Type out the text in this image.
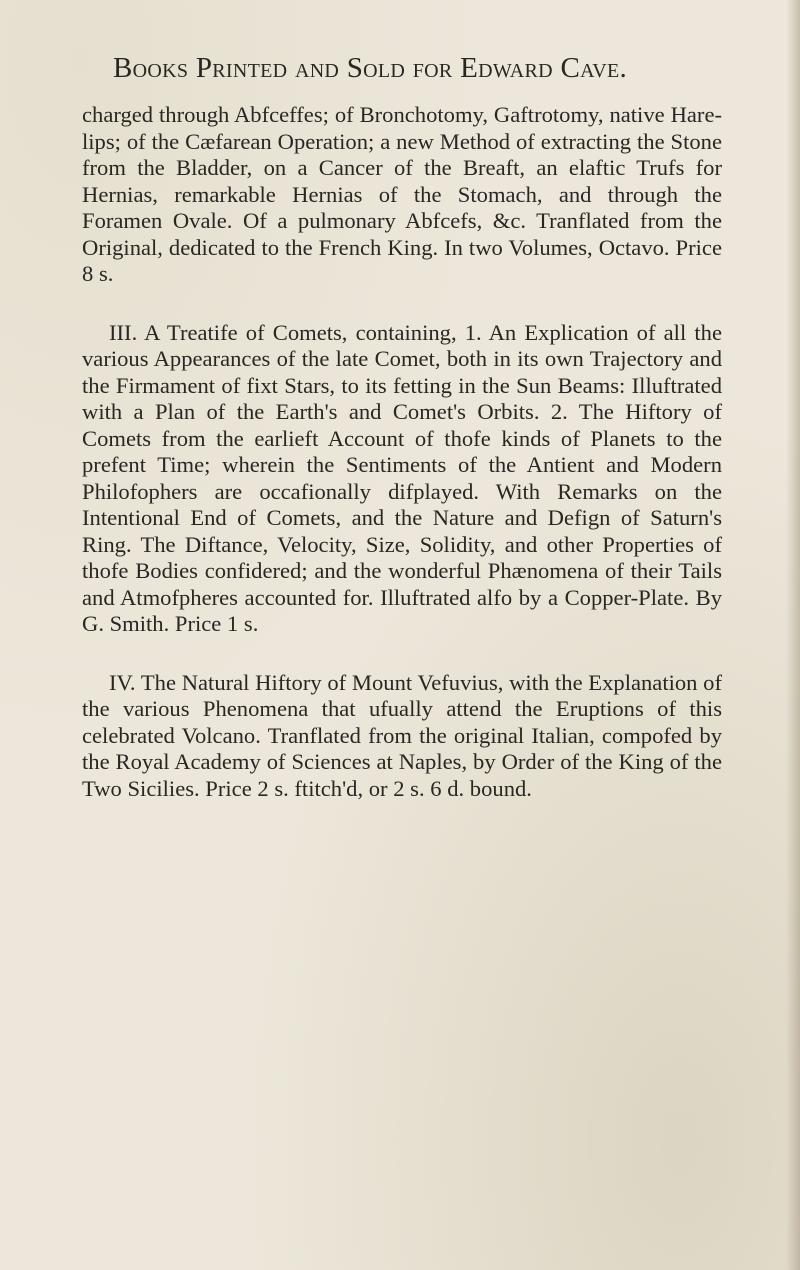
Books Printed and Sold for Edward Cave.

charged through Abfceffes; of Bronchotomy, Gaftrotomy, native Hare-lips; of the Cæfarean Operation; a new Method of extracting the Stone from the Bladder, on a Cancer of the Breaft, an elaftic Trufs for Hernias, remarkable Hernias of the Stomach, and through the Foramen Ovale. Of a pulmonary Abfcefs, &c. Tranflated from the Original, dedicated to the French King. In two Volumes, Octavo. Price 8 s.

III. A Treatife of Comets, containing, 1. An Explication of all the various Appearances of the late Comet, both in its own Trajectory and the Firmament of fixt Stars, to its fetting in the Sun Beams: Illuftrated with a Plan of the Earth's and Comet's Orbits. 2. The Hiftory of Comets from the earlieft Account of thofe kinds of Planets to the prefent Time; wherein the Sentiments of the Antient and Modern Philofophers are occafionally difplayed. With Remarks on the Intentional End of Comets, and the Nature and Defign of Saturn's Ring. The Diftance, Velocity, Size, Solidity, and other Properties of thofe Bodies confidered; and the wonderful Phænomena of their Tails and Atmofpheres accounted for. Illuftrated alfo by a Copper-Plate. By G. Smith. Price 1 s.

IV. The Natural Hiftory of Mount Vefuvius, with the Explanation of the various Phenomena that ufually attend the Eruptions of this celebrated Volcano. Tranflated from the original Italian, compofed by the Royal Academy of Sciences at Naples, by Order of the King of the Two Sicilies. Price 2 s. ftitch'd, or 2 s. 6 d. bound.
